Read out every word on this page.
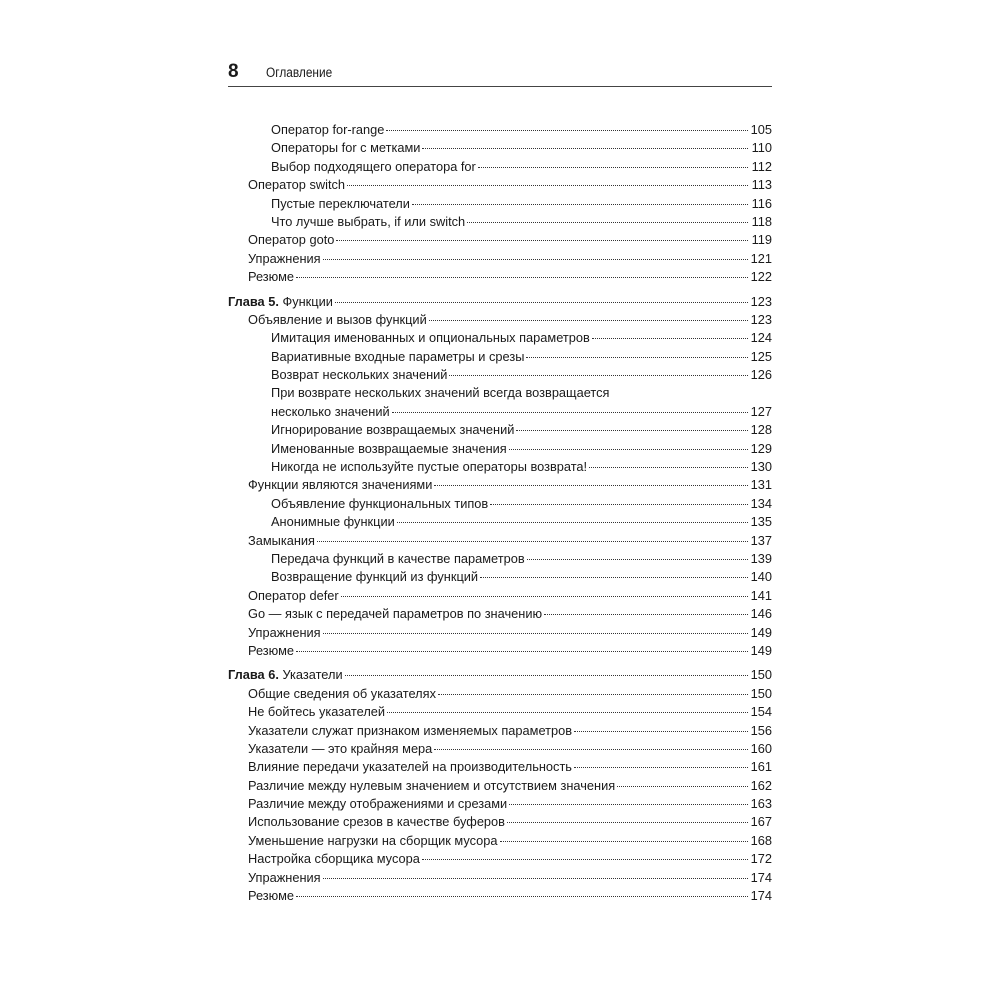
8 Оглавление
Оператор for-range	105
Операторы for с метками	110
Выбор подходящего оператора for	112
Оператор switch	113
Пустые переключатели	116
Что лучше выбрать, if или switch	118
Оператор goto	119
Упражнения	121
Резюме	122
Глава 5. Функции	123
Объявление и вызов функций	123
Имитация именованных и опциональных параметров	124
Вариативные входные параметры и срезы	125
Возврат нескольких значений	126
При возврате нескольких значений всегда возвращается
несколько значений	127
Игнорирование возвращаемых значений	128
Именованные возвращаемые значения	129
Никогда не используйте пустые операторы возврата!	130
Функции являются значениями	131
Объявление функциональных типов	134
Анонимные функции	135
Замыкания	137
Передача функций в качестве параметров	139
Возвращение функций из функций	140
Оператор defer	141
Go — язык с передачей параметров по значению	146
Упражнения	149
Резюме	149
Глава 6. Указатели	150
Общие сведения об указателях	150
Не бойтесь указателей	154
Указатели служат признаком изменяемых параметров	156
Указатели — это крайняя мера	160
Влияние передачи указателей на производительность	161
Различие между нулевым значением и отсутствием значения	162
Различие между отображениями и срезами	163
Использование срезов в качестве буферов	167
Уменьшение нагрузки на сборщик мусора	168
Настройка сборщика мусора	172
Упражнения	174
Резюме	174
